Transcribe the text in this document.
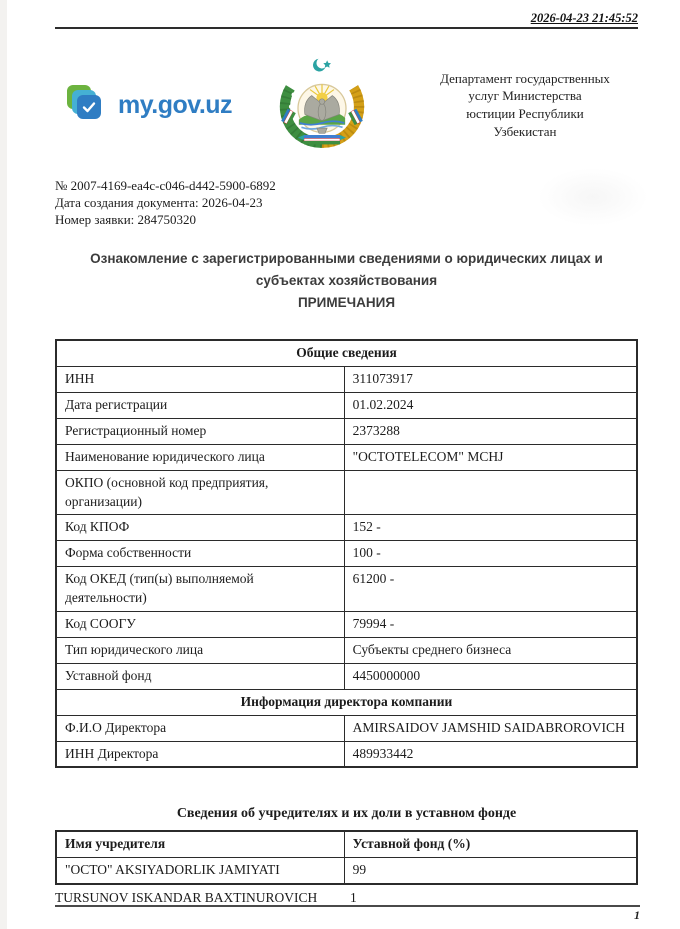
2026-04-23 21:45:52
my.gov.uz
Департамент государственных
услуг Министерства
юстиции Республики
Узбекистан
№ 2007-4169-ea4c-c046-d442-5900-6892
Дата создания документа: 2026-04-23
Номер заявки: 284750320
Ознакомление с зарегистрированными сведениями о юридических лицах и субъектах хозяйствования
ПРИМЕЧАНИЯ
Общие сведения	
ИНН	311073917
Дата регистрации	01.02.2024
Регистрационный номер	2373288
Наименование юридического лица	"OCTOTELECOM" MCHJ
ОКПО (основной код предприятия, организации)	
Код КПОФ	152 -
Форма собственности	100 -
Код ОКЕД (тип(ы) выполняемой деятельности)	61200 -
Код СООГУ	79994 -
Тип юридического лица	Субъекты среднего бизнеса
Уставной фонд	4450000000
Информация директора компании	
Ф.И.О Директора	AMIRSAIDOV JAMSHID SAIDABROROVICH
ИНН Директора	489933442
Сведения об учредителях и их доли в уставном фонде
Имя учредителя	Уставной фонд (%)
"OCTO" AKSIYADORLIK JAMIYATI	99
TURSUNOV ISKANDAR BAXTINUROVICH	1
1
